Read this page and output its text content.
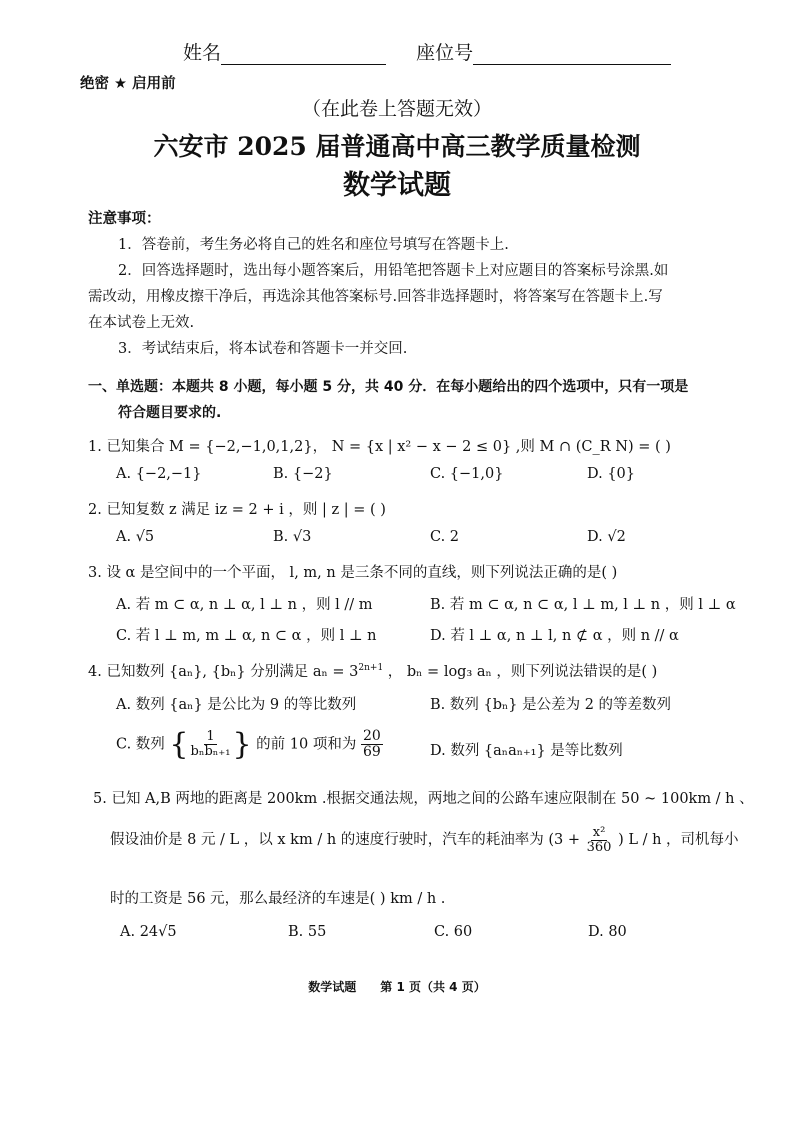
姓名	座位号
绝密 ★ 启用前
（在此卷上答题无效）
六安市 2025 届普通高中高三教学质量检测
数学试题
注意事项：
1．答卷前，考生务必将自己的姓名和座位号填写在答题卡上.
2．回答选择题时，选出每小题答案后，用铅笔把答题卡上对应题目的答案标号涂黑.如
需改动，用橡皮擦干净后，再选涂其他答案标号.回答非选择题时，将答案写在答题卡上.写
在本试卷上无效.
3．考试结束后，将本试卷和答题卡一并交回.
一、单选题：本题共 8 小题，每小题 5 分，共 40 分．在每小题给出的四个选项中，只有一项是
符合题目要求的.
1. 已知集合 M = {−2,−1,0,1,2}， N = {x | x² − x − 2 ≤ 0} ,则 M ∩ (C_R N) = ( )
A. {−2,−1}	B. {−2}	C. {−1,0}	D. {0}
2. 已知复数 z 满足 iz = 2 + i ，则 | z | = ( )
A. √5	B. √3	C. 2	D. √2
3. 设 α 是空间中的一个平面， l, m, n 是三条不同的直线，则下列说法正确的是( )
A. 若 m ⊂ α, n ⊥ α, l ⊥ n ，则 l // m	B. 若 m ⊂ α, n ⊂ α, l ⊥ m, l ⊥ n ，则 l ⊥ α
C. 若 l ⊥ m, m ⊥ α, n ⊂ α ，则 l ⊥ n	D. 若 l ⊥ α, n ⊥ l, n ⊄ α ，则 n // α
4. 已知数列 {aₙ}, {bₙ} 分别满足 $a_n = 3^{2n+1}$ ， bₙ = log₃ aₙ ，则下列说法错误的是( )
A. 数列 {aₙ} 是公比为 9 的等比数列	B. 数列 {bₙ} 是公差为 2 的等差数列
C. 数列 { $\frac{1}{\text{bₙbₙ₊₁}}$ } 的前 10 项和为 $\frac{20}{69}$	D. 数列 {aₙaₙ₊₁} 是等比数列
5. 已知 A,B 两地的距离是 200km .根据交通法规，两地之间的公路车速应限制在 50 ~ 100km / h 、
假设油价是 8 元 / L ，以 x km / h 的速度行驶时，汽车的耗油率为 ($3 + \frac{\text{x²}}{360}$ ) L / h ，司机每小
时的工资是 56 元，那么最经济的车速是( ) km / h .
A. 24√5	B. 55	C. 60	D. 80
数学试题　　第 1 页（共 4 页）
